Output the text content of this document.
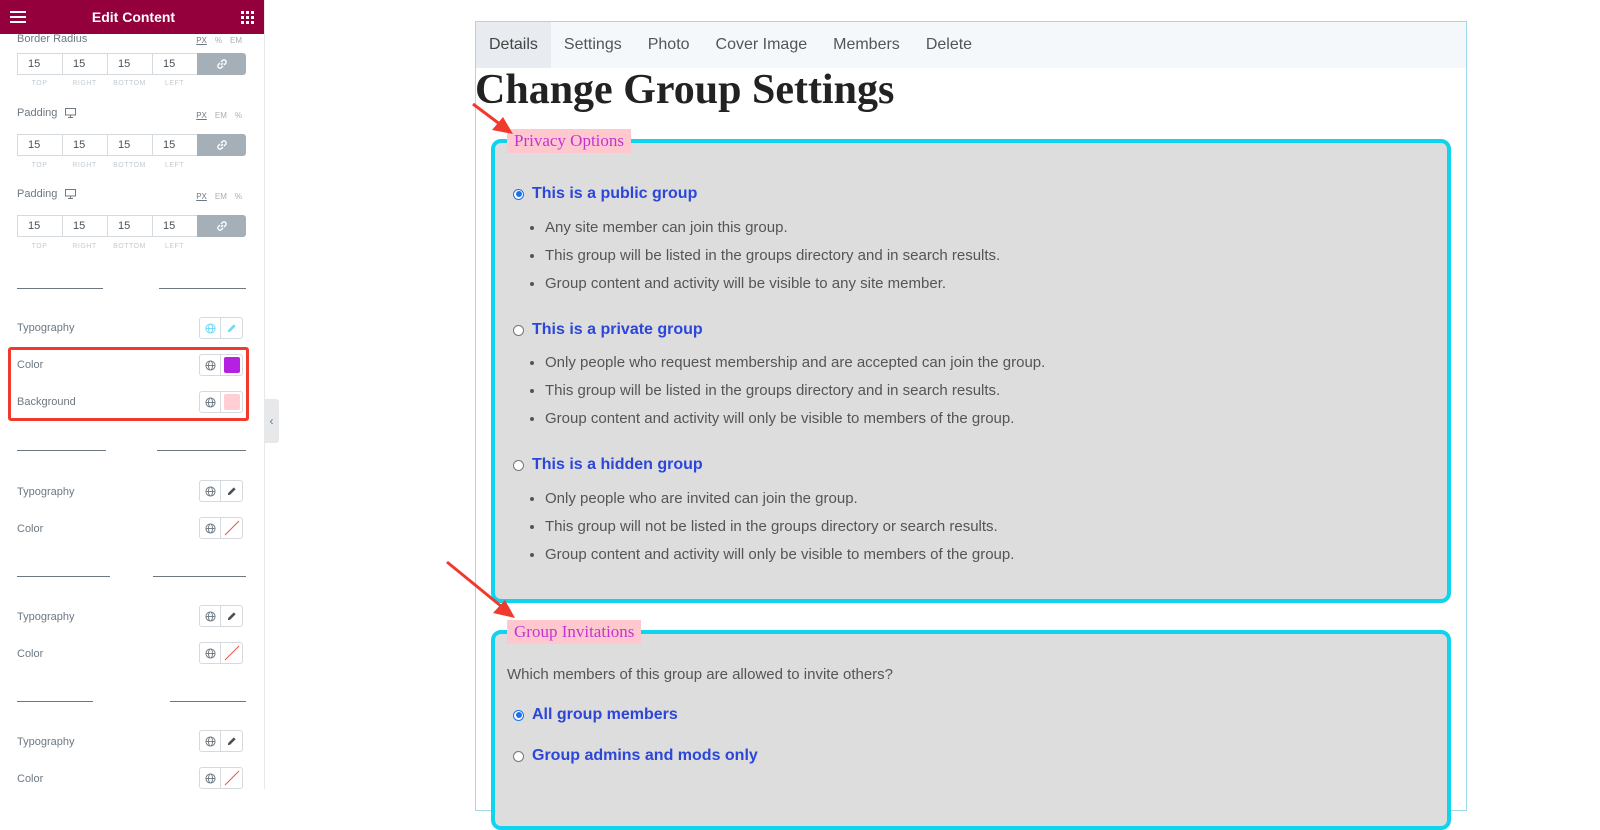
Edit Content
Border Radius	PX % EM
15	15	15	15
TOP	RIGHT	BOTTOM	LEFT
Padding	PX EM %
15	15	15	15
TOP	RIGHT	BOTTOM	LEFT
Padding	PX EM %
15	15	15	15
TOP	RIGHT	BOTTOM	LEFT
Typography
Color
Background
Typography
Color
Typography
Color
Typography
Color
‹
Details	Settings	Photo	Cover Image	Members	Delete
Change Group Settings
Privacy Options
This is a public group
• Any site member can join this group.
• This group will be listed in the groups directory and in search results.
• Group content and activity will be visible to any site member.
This is a private group
• Only people who request membership and are accepted can join the group.
• This group will be listed in the groups directory and in search results.
• Group content and activity will only be visible to members of the group.
This is a hidden group
• Only people who are invited can join the group.
• This group will not be listed in the groups directory or search results.
• Group content and activity will only be visible to members of the group.
Group Invitations
Which members of this group are allowed to invite others?
All group members
Group admins and mods only
